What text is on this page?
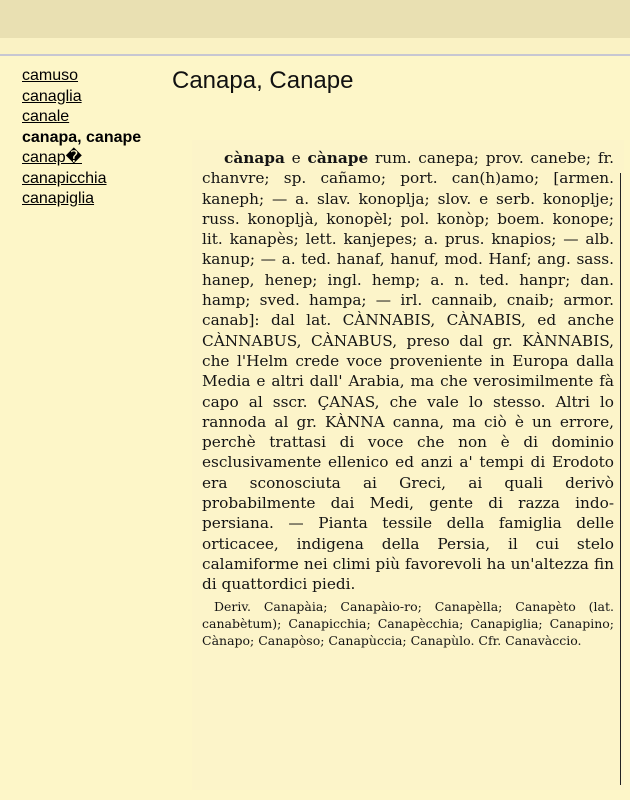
camuso
canaglia
canale
canapa, canape
canap�
canapicchia
canapiglia
Canapa, Canape

cànapa e cànape rum. canepa; prov. canebe; fr. chanvre; sp. cañamo; port. can(h)amo; [armen. kaneph; — a. slav. konoplja; slov. e serb. konoplje; russ. konopljà, konopèl; pol. konòp; boem. konope; lit. kanapès; lett. kanjepes; a. prus. knapios; — alb. kanup; — a. ted. hanaf, hanuf, mod. Hanf; ang. sass. hanep, henep; ingl. hemp; a. n. ted. hanpr; dan. hamp; sved. hampa; — irl. cannaib, cnaib; armor. canab]: dal lat. CÀNNABIS, CÀNABIS, ed anche CÀNNABUS, CÀNABUS, preso dal gr. KÀNNABIS, che l'Helm crede voce proveniente in Europa dalla Media e altri dall' Arabia, ma che verosimilmente fà capo al sscr. ÇANAS, che vale lo stesso. Altri lo rannoda al gr. KÀNNA canna, ma ciò è un errore, perchè trattasi di voce che non è di dominio esclusivamente ellenico ed anzi a' tempi di Erodoto era sconosciuta ai Greci, ai quali derivò probabilmente dai Medi, gente di razza indo-persiana. — Pianta tessile della famiglia delle orticacee, indigena della Persia, il cui stelo calamiforme nei climi più favorevoli ha un'altezza fin di quattordici piedi.

Deriv. Canapàia; Canapàio-ro; Canapèlla; Canapèto (lat. canabètum); Canapicchia; Canapècchia; Canapiglia; Canapino; Cànapo; Canapòso; Canapùccia; Canapùlo. Cfr. Canavàccio.
